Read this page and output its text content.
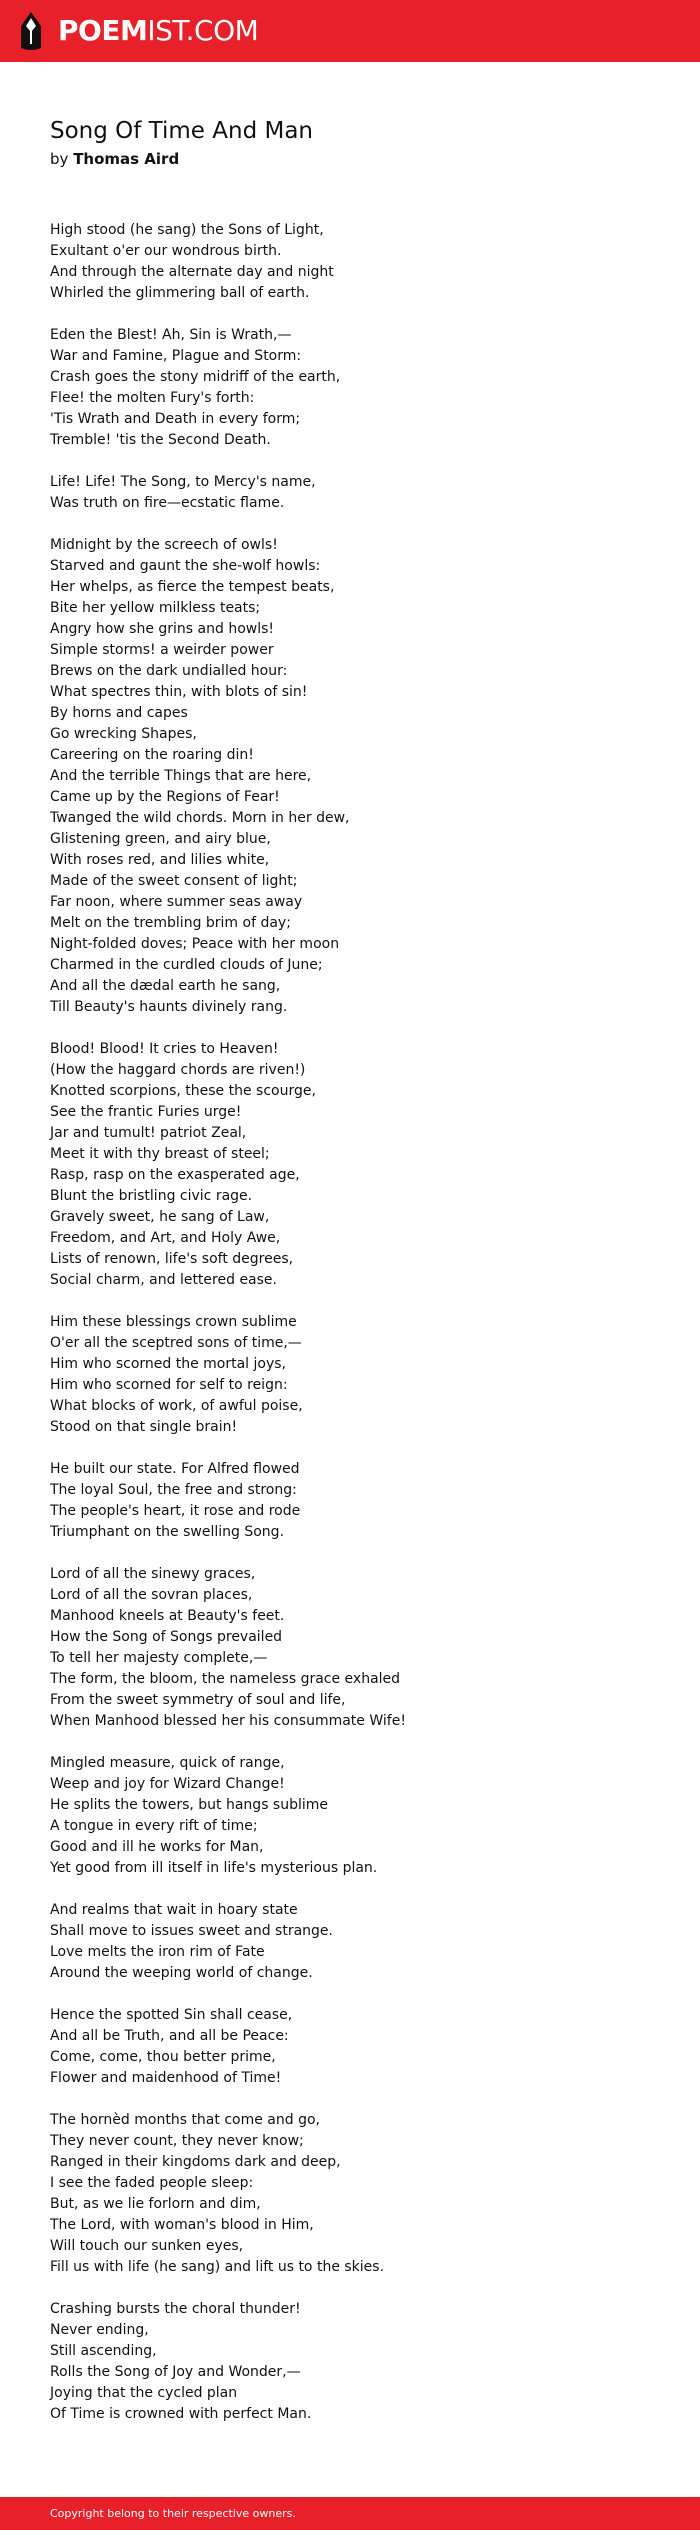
POEMIST.COM
Song Of Time And Man
by Thomas Aird
High stood (he sang) the Sons of Light,
Exultant o'er our wondrous birth.
And through the alternate day and night
Whirled the glimmering ball of earth.
Eden the Blest! Ah, Sin is Wrath,—
War and Famine, Plague and Storm:
Crash goes the stony midriff of the earth,
Flee! the molten Fury's forth:
'Tis Wrath and Death in every form;
Tremble! 'tis the Second Death.
Life! Life! The Song, to Mercy's name,
Was truth on fire—ecstatic flame.
Midnight by the screech of owls!
Starved and gaunt the she-wolf howls:
Her whelps, as fierce the tempest beats,
Bite her yellow milkless teats;
Angry how she grins and howls!
Simple storms! a weirder power
Brews on the dark undialled hour:
What spectres thin, with blots of sin!
By horns and capes
Go wrecking Shapes,
Careering on the roaring din!
And the terrible Things that are here,
Came up by the Regions of Fear!
Twanged the wild chords. Morn in her dew,
Glistening green, and airy blue,
With roses red, and lilies white,
Made of the sweet consent of light;
Far noon, where summer seas away
Melt on the trembling brim of day;
Night-folded doves; Peace with her moon
Charmed in the curdled clouds of June;
And all the dædal earth he sang,
Till Beauty's haunts divinely rang.
Blood! Blood! It cries to Heaven!
(How the haggard chords are riven!)
Knotted scorpions, these the scourge,
See the frantic Furies urge!
Jar and tumult! patriot Zeal,
Meet it with thy breast of steel;
Rasp, rasp on the exasperated age,
Blunt the bristling civic rage.
Gravely sweet, he sang of Law,
Freedom, and Art, and Holy Awe,
Lists of renown, life's soft degrees,
Social charm, and lettered ease.
Him these blessings crown sublime
O'er all the sceptred sons of time,—
Him who scorned the mortal joys,
Him who scorned for self to reign:
What blocks of work, of awful poise,
Stood on that single brain!
He built our state. For Alfred flowed
The loyal Soul, the free and strong:
The people's heart, it rose and rode
Triumphant on the swelling Song.
Lord of all the sinewy graces,
Lord of all the sovran places,
Manhood kneels at Beauty's feet.
How the Song of Songs prevailed
To tell her majesty complete,—
The form, the bloom, the nameless grace exhaled
From the sweet symmetry of soul and life,
When Manhood blessed her his consummate Wife!
Mingled measure, quick of range,
Weep and joy for Wizard Change!
He splits the towers, but hangs sublime
A tongue in every rift of time;
Good and ill he works for Man,
Yet good from ill itself in life's mysterious plan.
And realms that wait in hoary state
Shall move to issues sweet and strange.
Love melts the iron rim of Fate
Around the weeping world of change.
Hence the spotted Sin shall cease,
And all be Truth, and all be Peace:
Come, come, thou better prime,
Flower and maidenhood of Time!
The hornèd months that come and go,
They never count, they never know;
Ranged in their kingdoms dark and deep,
I see the faded people sleep:
But, as we lie forlorn and dim,
The Lord, with woman's blood in Him,
Will touch our sunken eyes,
Fill us with life (he sang) and lift us to the skies.
Crashing bursts the choral thunder!
Never ending,
Still ascending,
Rolls the Song of Joy and Wonder,—
Joying that the cycled plan
Of Time is crowned with perfect Man.
Copyright belong to their respective owners.
